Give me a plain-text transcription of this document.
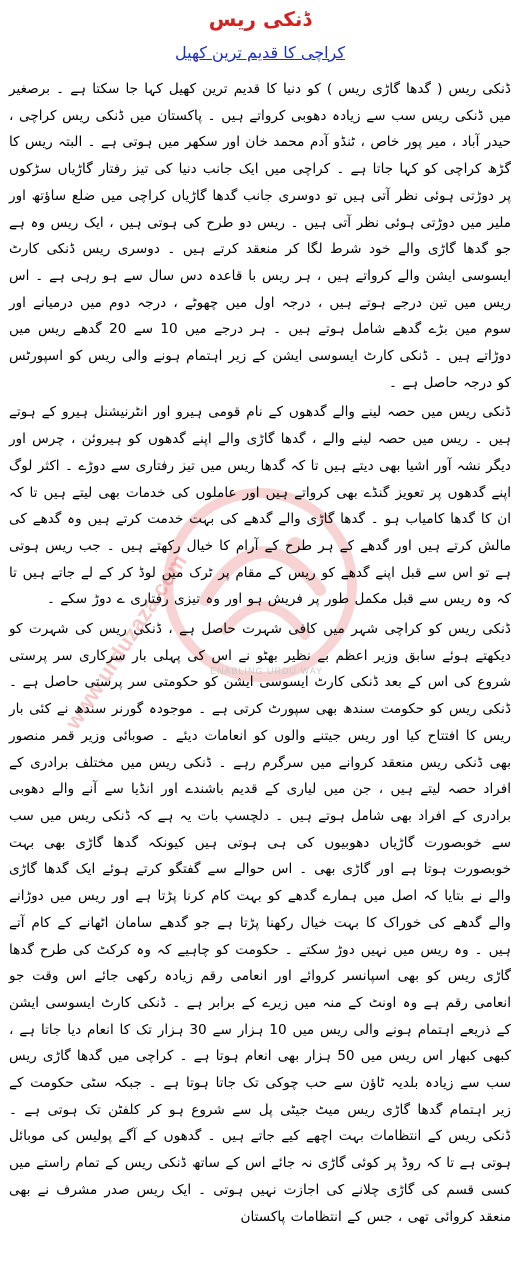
ڈنکی ریس
کراچی کا قدیم ترین کھیل
www.urduzaza.com ENABLING URDU WAY

ڈنکی ریس ( گدھا گاڑی ریس ) کو دنیا کا قدیم ترین کھیل کہا جا سکتا ہے ۔ برصغیر میں ڈنکی ریس سب سے زیادہ دھوبی کرواتے ہیں ۔ پاکستان میں ڈنکی ریس کراچی ، حیدر آباد ، میر پور خاص ، ٹنڈو آدم محمد خان اور سکھر میں ہوتی ہے ۔ البتہ ریس کا گڑھ کراچی کو کہا جاتا ہے ۔ کراچی میں ایک جانب دنیا کی تیز رفتار گاڑیاں سڑکوں پر دوڑتی ہوئی نظر آتی ہیں تو دوسری جانب گدھا گاڑیاں کراچی میں ضلع ساؤتھ اور ملیر میں دوڑتی ہوئی نظر آتی ہیں ۔ ریس دو طرح کی ہوتی ہیں ، ایک ریس وہ ہے جو گدھا گاڑی والے خود شرط لگا کر منعقد کرتے ہیں ۔ دوسری ریس ڈنکی کارٹ ایسوسی ایشن والے کرواتے ہیں ، ہر ریس با قاعدہ دس سال سے ہو رہی ہے ۔ اس ریس میں تین درجے ہوتے ہیں ، درجہ اول میں چھوٹے ، درجہ دوم میں درمیانے اور سوم مین بڑے گدھے شامل ہوتے ہیں ۔ ہر درجے میں 10 سے 20 گدھے ریس میں دوڑاتے ہیں ۔ ڈنکی کارٹ ایسوسی ایشن کے زیر اہتمام ہونے والی ریس کو اسپورٹس کو درجہ حاصل ہے ۔

ڈنکی ریس میں حصہ لینے والے گدھوں کے نام قومی ہیرو اور انٹرنیشنل ہیرو کے ہوتے ہیں ۔ ریس میں حصہ لینے والے ، گدھا گاڑی والے اپنے گدھوں کو ہیروئن ، چرس اور دیگر نشہ آور اشیا بھی دیتے ہیں تا کہ گدھا ریس میں تیز رفتاری سے دوڑے ۔ اکثر لوگ اپنے گدھوں پر تعویز گنڈے بھی کرواتے ہیں اور عاملوں کی خدمات بھی لیتے ہیں تا کہ ان کا گدھا کامیاب ہو ۔ گدھا گاڑی والے گدھے کی بہت خدمت کرتے ہیں وہ گدھے کی مالش کرتے ہیں اور گدھے کے ہر طرح کے آرام کا خیال رکھتے ہیں ۔ جب ریس ہوتی ہے تو اس سے قبل اپنے گدھے کو ریس کے مقام پر ٹرک میں لوڈ کر کے لے جاتے ہیں تا کہ وہ ریس سے قبل مکمل طور پر فریش ہو اور وہ تیزی رفتاری ے دوڑ سکے ۔

ڈنکی ریس کو کراچی شہر میں کافی شہرت حاصل ہے ، ڈنکی ریس کی شہرت کو دیکھتے ہوئے سابق وزیر اعظم بے نظیر بھٹو نے اس کی پہلی بار سرکاری سر پرستی شروع کی اس کے بعد ڈنکی کارٹ ایسوسی ایشن کو حکومتی سر پرستی حاصل ہے ۔ ڈنکی ریس کو حکومت سندھ بھی سپورٹ کرتی ہے ۔ موجودہ گورنر سندھ نے کئی بار ریس کا افتتاح کیا اور ریس جیتنے والوں کو انعامات دیئے ۔ صوبائی وزیر قمر منصور بھی ڈنکی ریس منعقد کروانے میں سرگرم رہے ۔ ڈنکی ریس میں مختلف برادری کے افراد حصہ لیتے ہیں ، جن میں لیاری کے قدیم باشندے اور انڈیا سے آنے والے دھوبی برادری کے افراد بھی شامل ہوتے ہیں ۔ دلچسپ بات یہ ہے کہ ڈنکی ریس میں سب سے خوبصورت گاڑیاں دھوبیوں کی ہی ہوتی ہیں کیونکہ گدھا گاڑی بھی بہت خوبصورت ہوتا ہے اور گاڑی بھی ۔ اس حوالے سے گفتگو کرتے ہوئے ایک گدھا گاڑی والے نے بتایا کہ اصل میں ہمارے گدھے کو بہت کام کرنا پڑتا ہے اور ریس میں دوڑانے والے گدھے کی خوراک کا بہت خیال رکھنا پڑتا ہے جو گدھے سامان اٹھانے کے کام آتے ہیں ۔ وہ ریس میں نہیں دوڑ سکتے ۔ حکومت کو چاہیے کہ وہ کرکٹ کی طرح گدھا گاڑی ریس کو بھی اسپانسر کروائے اور انعامی رقم زیادہ رکھی جائے اس وقت جو انعامی رقم ہے وہ اونٹ کے منہ میں زیرے کے برابر ہے ۔ ڈنکی کارٹ ایسوسی ایشن کے ذریعے اہتمام ہونے والی ریس میں 10 ہزار سے 30 ہزار تک کا انعام دیا جاتا ہے ، کبھی کبھار اس ریس میں 50 ہزار بھی انعام ہوتا ہے ۔ کراچی میں گدھا گاڑی ریس سب سے زیادہ بلدیہ ٹاؤن سے حب چوکی تک جاتا ہوتا ہے ۔ جبکہ سٹی حکومت کے زیر اہتمام گدھا گاڑی ریس میٹ جیٹی پل سے شروع ہو کر کلفٹن تک ہوتی ہے ۔ ڈنکی ریس کے انتظامات بہت اچھے کیے جاتے ہیں ۔ گدھوں کے آگے پولیس کی موبائل ہوتی ہے تا کہ روڈ پر کوئی گاڑی نہ جائے اس کے ساتھ ڈنکی ریس کے تمام راستے میں کسی قسم کی گاڑی چلانے کی اجازت نہیں ہوتی ۔ ایک ریس صدر مشرف نے بھی منعقد کروائی تھی ، جس کے انتظامات پاکستان
